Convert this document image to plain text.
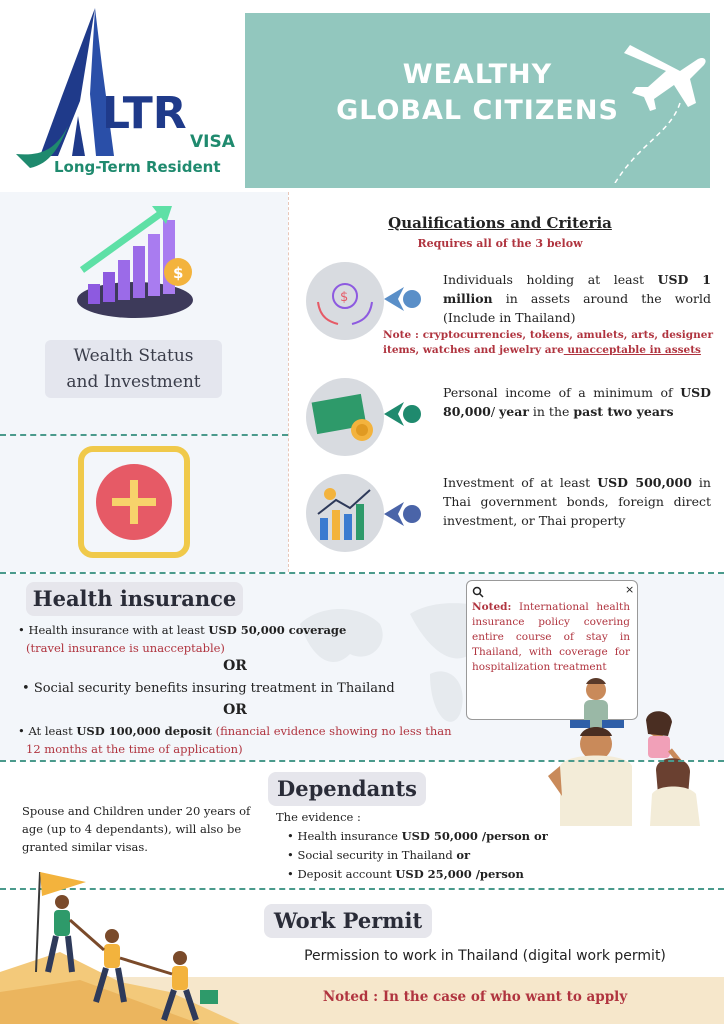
LTR
VISA
Long-Term Resident
WEALTHY
GLOBAL CITIZENS
$
Wealth Status
and Investment
Qualifications and Criteria
Requires all of the 3 below
$
Individuals holding at least USD 1 million in assets around the world (Include in Thailand)
Note : cryptocurrencies, tokens, amulets, arts, designer items, watches and jewelry are unacceptable in assets
Personal income of a minimum of USD 80,000/ year in the past two years
Investment of at least USD 500,000 in Thai government bonds, foreign direct investment, or Thai property
Health insurance
• Health insurance with at least USD 50,000 coverage
(travel insurance is unacceptable)
OR
• Social security benefits insuring treatment in Thailand
OR
• At least USD 100,000 deposit (financial evidence showing no less than
12 months at the time of application)
×
Noted: International health insurance policy covering entire course of stay in Thailand, with coverage for hospitalization treatment
Dependants
Spouse and Children under 20 years of age (up to 4 dependants), will also be granted similar visas.
The evidence :
• Health insurance USD 50,000 /person or
• Social security in Thailand or
• Deposit account USD 25,000 /person
Work Permit
Permission to work in Thailand (digital work permit)
Noted : In the case of who want to apply
